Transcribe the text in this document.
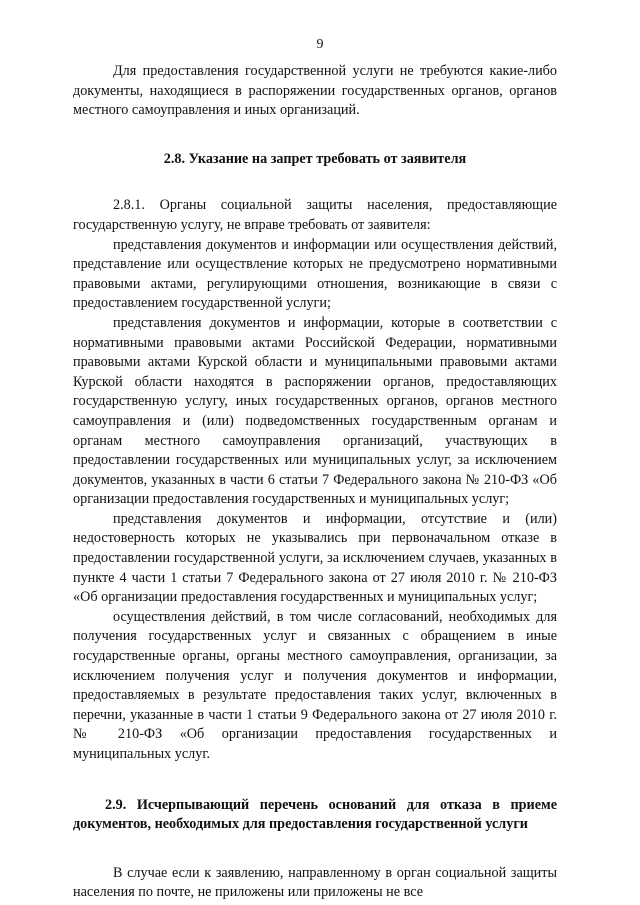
9

Для предоставления государственной услуги не требуются какие-либо документы, находящиеся в распоряжении государственных органов, органов местного самоуправления и иных организаций.

2.8. Указание на запрет требовать от заявителя

2.8.1. Органы социальной защиты населения, предоставляющие государственную услугу, не вправе требовать от заявителя:

представления документов и информации или осуществления действий, представление или осуществление которых не предусмотрено нормативными правовыми актами, регулирующими отношения, возникающие в связи с предоставлением государственной услуги;

представления документов и информации, которые в соответствии с нормативными правовыми актами Российской Федерации, нормативными правовыми актами Курской области и муниципальными правовыми актами Курской области находятся в распоряжении органов, предоставляющих государственную услугу, иных государственных органов, органов местного самоуправления и (или) подведомственных государственным органам и органам местного самоуправления организаций, участвующих в предоставлении государственных или муниципальных услуг, за исключением документов, указанных в части 6 статьи 7 Федерального закона № 210-ФЗ «Об организации предоставления государственных и муниципальных услуг;

представления документов и информации, отсутствие и (или) недостоверность которых не указывались при первоначальном отказе в предоставлении государственной услуги, за исключением случаев, указанных в пункте 4 части 1 статьи 7 Федерального закона от 27 июля 2010 г. № 210-ФЗ «Об организации предоставления государственных и муниципальных услуг;

осуществления действий, в том числе согласований, необходимых для получения государственных услуг и связанных с обращением в иные государственные органы, органы местного самоуправления, организации, за исключением получения услуг и получения документов и информации, предоставляемых в результате предоставления таких услуг, включенных в перечни, указанные в части 1 статьи 9 Федерального закона от 27 июля 2010 г. № 210-ФЗ «Об организации предоставления государственных и муниципальных услуг.

2.9. Исчерпывающий перечень оснований для отказа в приеме документов, необходимых для предоставления государственной услуги

В случае если к заявлению, направленному в орган социальной защиты населения по почте, не приложены или приложены не все
